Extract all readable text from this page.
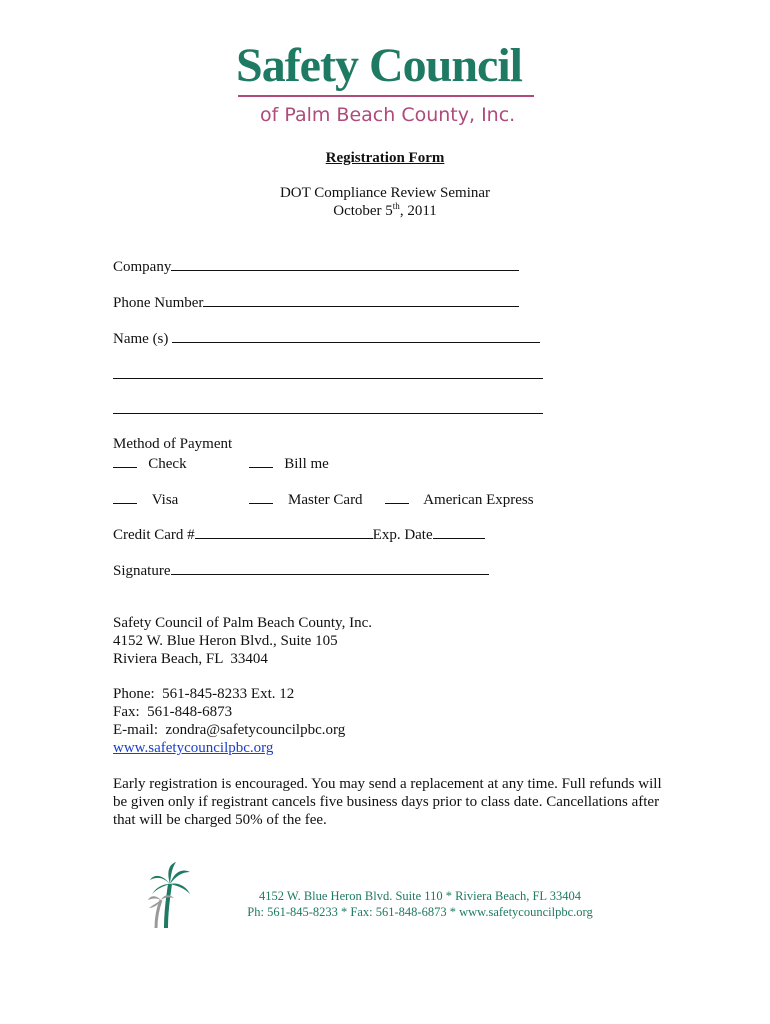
Safety Council
of Palm Beach County, Inc.
Registration Form
DOT Compliance Review Seminar
October 5th, 2011
Company
Phone Number
Name (s)
Method of Payment
Check	Bill me
Visa	Master Card	American Express
Credit Card #	Exp. Date
Signature
Safety Council of Palm Beach County, Inc.
4152 W. Blue Heron Blvd., Suite 105
Riviera Beach, FL  33404
Phone:  561-845-8233 Ext. 12
Fax:  561-848-6873
E-mail:  zondra@safetycouncilpbc.org
www.safetycouncilpbc.org
Early registration is encouraged. You may send a replacement at any time. Full refunds will be given only if registrant cancels five business days prior to class date. Cancellations after that will be charged 50% of the fee.
4152 W. Blue Heron Blvd. Suite 110 * Riviera Beach, FL 33404
Ph: 561-845-8233 * Fax: 561-848-6873 * www.safetycouncilpbc.org
